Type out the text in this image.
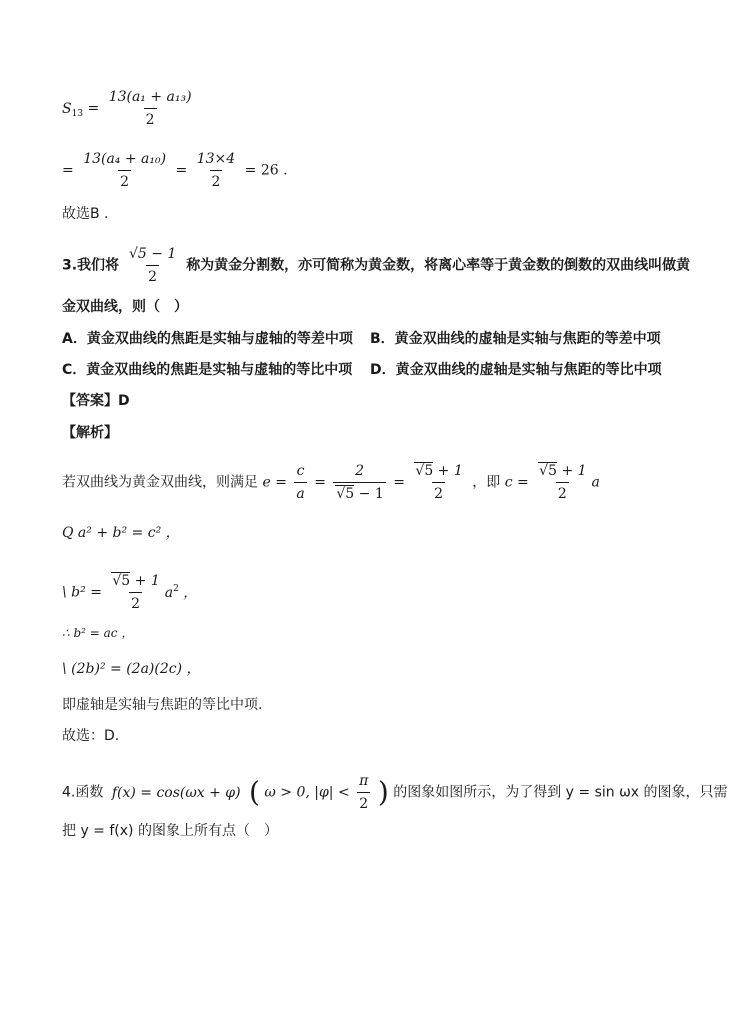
$S_{13} = \frac{\text{13(a₁ + a₁₃)}}{2}$
= $\frac{\text{13(a₄ + a₁₀)}}{2} = \frac{13\times 4}{2} = 26$ .
故选B .
3.我们将 $\frac{√5 - 1}{2}$ 称为黄金分割数，亦可简称为黄金数，将离心率等于黄金数的倒数的双曲线叫做黄
金双曲线，则（　）
A．黄金双曲线的焦距是实轴与虚轴的等差中项 B．黄金双曲线的虚轴是实轴与焦距的等差中项
C．黄金双曲线的焦距是实轴与虚轴的等比中项 D．黄金双曲线的虚轴是实轴与焦距的等比中项
【答案】D
【解析】
若双曲线为黄金双曲线，则满足 $e = \frac{c}{a} = \frac{2}{√5 - 1} = \frac{√5 + 1}{2}$ ，即 $c = \frac{√5 + 1}{2}$ a
Q a² + b² = c² ，
\ $b^2 = \frac{√5 + 1}{2} a^2$ ，
∴ b² = ac ，
\ (2b)² = (2a)(2c) ，
即虚轴是实轴与焦距的等比中项.
故选：D.
4.函数 f(x) = cos(ωx + φ) ( ω > 0, $|\varphi| < \frac{\pi}{2}$ ) 的图象如图所示，为了得到 y = sin ωx 的图象，只需
把 y = f(x) 的图象上所有点（　）
